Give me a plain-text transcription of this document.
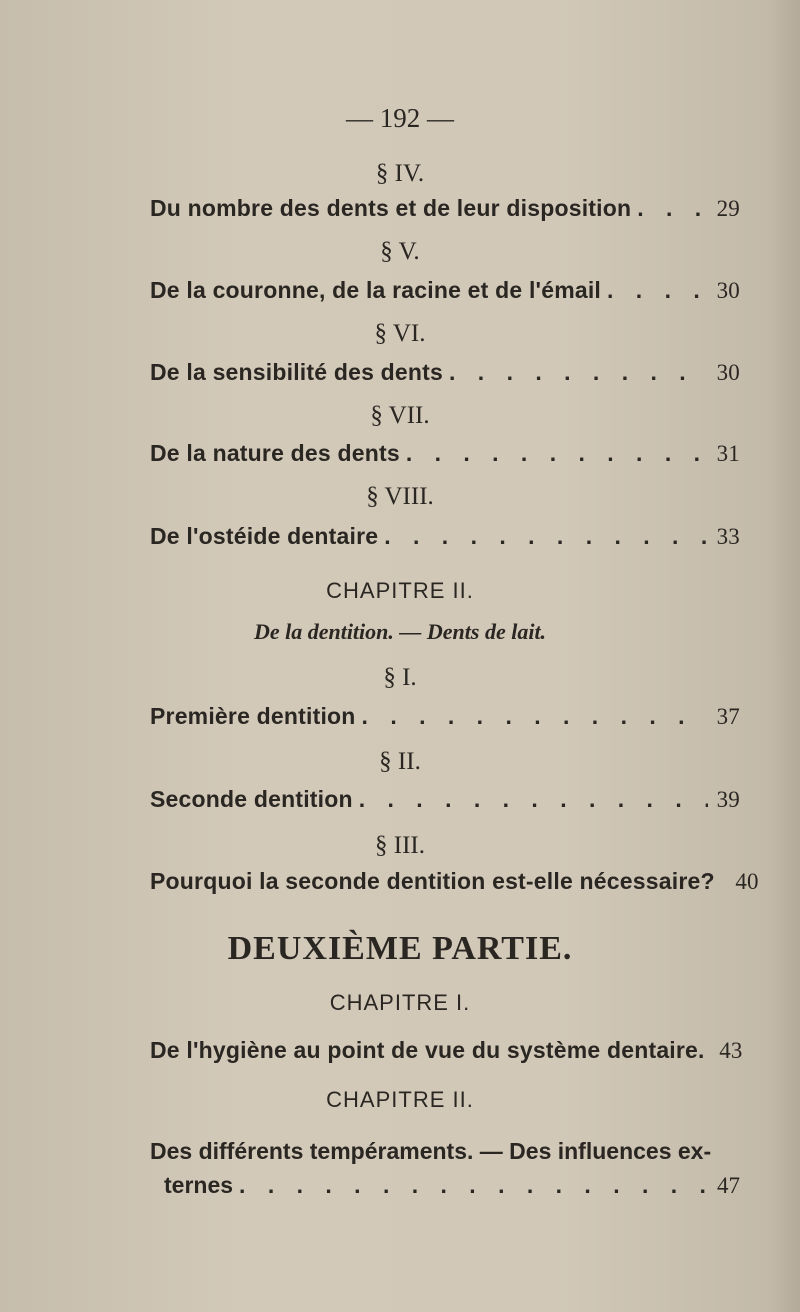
— 192 —
§ IV.
Du nombre des dents et de leur disposition . . .	29
§ V.
De la couronne, de la racine et de l'émail . . .	30
§ VI.
De la sensibilité des dents . . .	30
§ VII.
De la nature des dents . . .	31
§ VIII.
De l'ostéide dentaire . . .	33
CHAPITRE II.
De la dentition. — Dents de lait.
§ I.
Première dentition . . .	37
§ II.
Seconde dentition . . .	39
§ III.
Pourquoi la seconde dentition est-elle nécessaire? 40
DEUXIÈME PARTIE.
CHAPITRE I.
De l'hygiène au point de vue du système dentaire. . . . 43
CHAPITRE II.
Des différents tempéraments. — Des influences ex-
ternes . . .	47
